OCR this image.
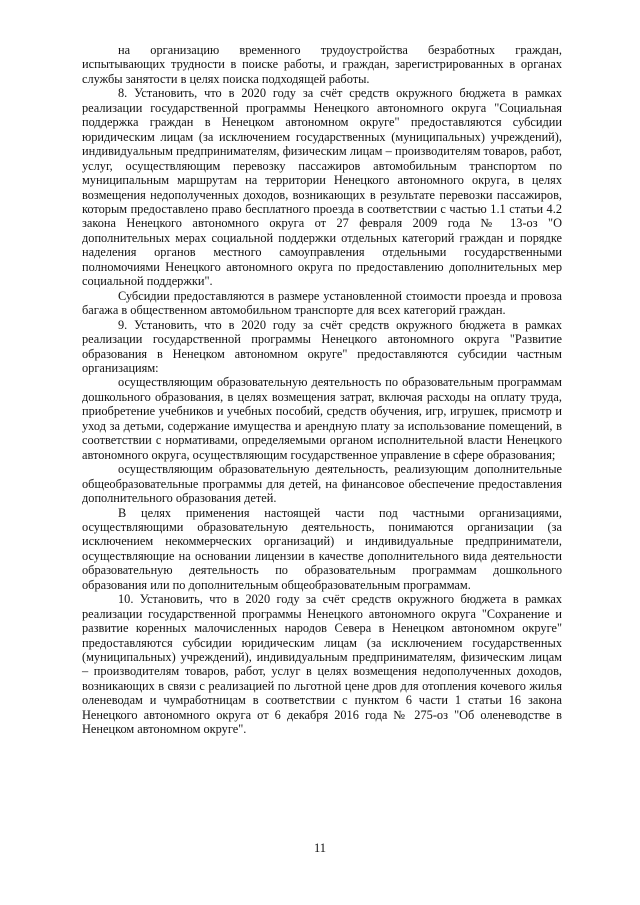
на организацию временного трудоустройства безработных граждан, испытывающих трудности в поиске работы, и граждан, зарегистрированных в органах службы занятости в целях поиска подходящей работы.

8. Установить, что в 2020 году за счёт средств окружного бюджета в рамках реализации государственной программы Ненецкого автономного округа "Социальная поддержка граждан в Ненецком автономном округе" предоставляются субсидии юридическим лицам (за исключением государственных (муниципальных) учреждений), индивидуальным предпринимателям, физическим лицам – производителям товаров, работ, услуг, осуществляющим перевозку пассажиров автомобильным транспортом по муниципальным маршрутам на территории Ненецкого автономного округа, в целях возмещения недополученных доходов, возникающих в результате перевозки пассажиров, которым предоставлено право бесплатного проезда в соответствии с частью 1.1 статьи 4.2 закона Ненецкого автономного округа от 27 февраля 2009 года № 13-оз "О дополнительных мерах социальной поддержки отдельных категорий граждан и порядке наделения органов местного самоуправления отдельными государственными полномочиями Ненецкого автономного округа по предоставлению дополнительных мер социальной поддержки".

Субсидии предоставляются в размере установленной стоимости проезда и провоза багажа в общественном автомобильном транспорте для всех категорий граждан.

9. Установить, что в 2020 году за счёт средств окружного бюджета в рамках реализации государственной программы Ненецкого автономного округа "Развитие образования в Ненецком автономном округе" предоставляются субсидии частным организациям:

осуществляющим образовательную деятельность по образовательным программам дошкольного образования, в целях возмещения затрат, включая расходы на оплату труда, приобретение учебников и учебных пособий, средств обучения, игр, игрушек, присмотр и уход за детьми, содержание имущества и арендную плату за использование помещений, в соответствии с нормативами, определяемыми органом исполнительной власти Ненецкого автономного округа, осуществляющим государственное управление в сфере образования;

осуществляющим образовательную деятельность, реализующим дополнительные общеобразовательные программы для детей, на финансовое обеспечение предоставления дополнительного образования детей.

В целях применения настоящей части под частными организациями, осуществляющими образовательную деятельность, понимаются организации (за исключением некоммерческих организаций) и индивидуальные предприниматели, осуществляющие на основании лицензии в качестве дополнительного вида деятельности образовательную деятельность по образовательным программам дошкольного образования или по дополнительным общеобразовательным программам.

10. Установить, что в 2020 году за счёт средств окружного бюджета в рамках реализации государственной программы Ненецкого автономного округа "Сохранение и развитие коренных малочисленных народов Севера в Ненецком автономном округе" предоставляются субсидии юридическим лицам (за исключением государственных (муниципальных) учреждений), индивидуальным предпринимателям, физическим лицам – производителям товаров, работ, услуг в целях возмещения недополученных доходов, возникающих в связи с реализацией по льготной цене дров для отопления кочевого жилья оленеводам и чумработницам в соответствии с пунктом 6 части 1 статьи 16 закона Ненецкого автономного округа от 6 декабря 2016 года № 275-оз "Об оленеводстве в Ненецком автономном округе".

11
